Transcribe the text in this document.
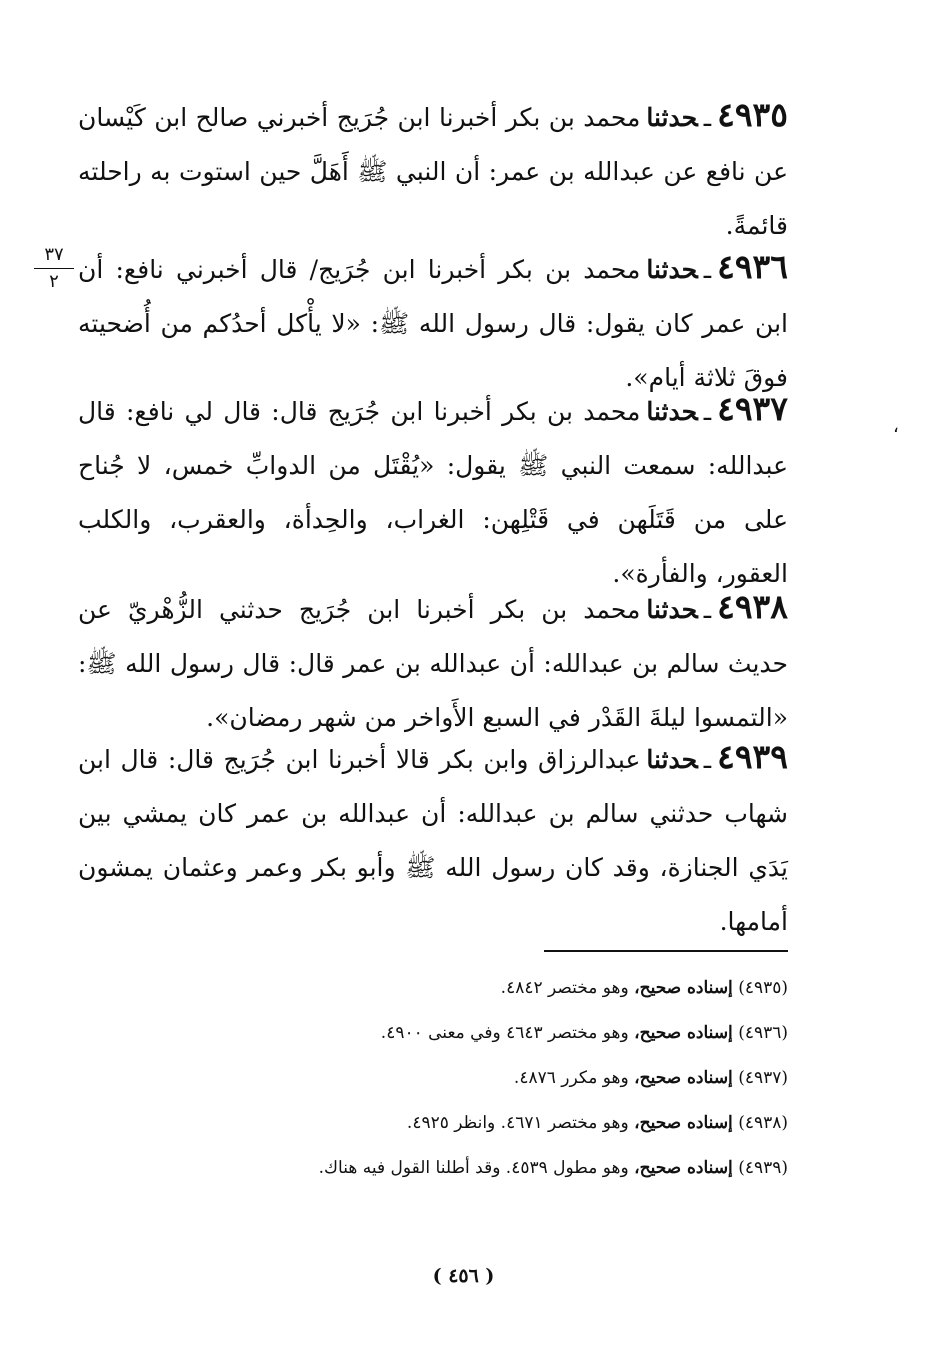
٤٩٣٥ـحدثنامحمد بن بكر أخبرنا ابن جُرَيج أخبرني صالح ابن كَيْسان عن نافع عن عبدالله بن عمر: أن النبي ﷺ أَهَلَّ حين استوت به راحلته قائمةً.

٤٩٣٦ـحدثنامحمد بن بكر أخبرنا ابن جُرَيج/ قال أخبرني نافع: أن ابن عمر كان يقول: قال رسول الله ﷺ: «لا يأْكل أحدُكم من أُضحيته فوقَ ثلاثة أيام».

٤٩٣٧ـحدثنامحمد بن بكر أخبرنا ابن جُرَيج قال: قال لي نافع: قال عبدالله: سمعت النبي ﷺ يقول: «يُقْتَل من الدوابِّ خمس، لا جُناح على من قَتَلَهن في قَتْلِهن: الغراب، والحِدأة، والعقرب، والكلب العقور، والفأرة».

٤٩٣٨ـحدثنامحمد بن بكر أخبرنا ابن جُرَيج حدثني الزُّهْريّ عن حديث سالم بن عبدالله: أن عبدالله بن عمر قال: قال رسول الله ﷺ: «التمسوا ليلةَ القَدْر في السبع الأَواخر من شهر رمضان».

٤٩٣٩ـحدثناعبدالرزاق وابن بكر قالا أخبرنا ابن جُرَيج قال: قال ابن شهاب حدثني سالم بن عبدالله: أن عبدالله بن عمر كان يمشي بين يَدَي الجنازة، وقد كان رسول الله ﷺ وأبو بكر وعمر وعثمان يمشون أمامها.

٣٧
٢
،

(٤٩٣٥) إسناده صحيح، وهو مختصر ٤٨٤٢.

(٤٩٣٦) إسناده صحيح، وهو مختصر ٤٦٤٣ وفي معنى ٤٩٠٠.

(٤٩٣٧) إسناده صحيح، وهو مكرر ٤٨٧٦.

(٤٩٣٨) إسناده صحيح، وهو مختصر ٤٦٧١. وانظر ٤٩٢٥.

(٤٩٣٩) إسناده صحيح، وهو مطول ٤٥٣٩. وقد أطلنا القول فيه هناك.

( ٤٥٦ )
